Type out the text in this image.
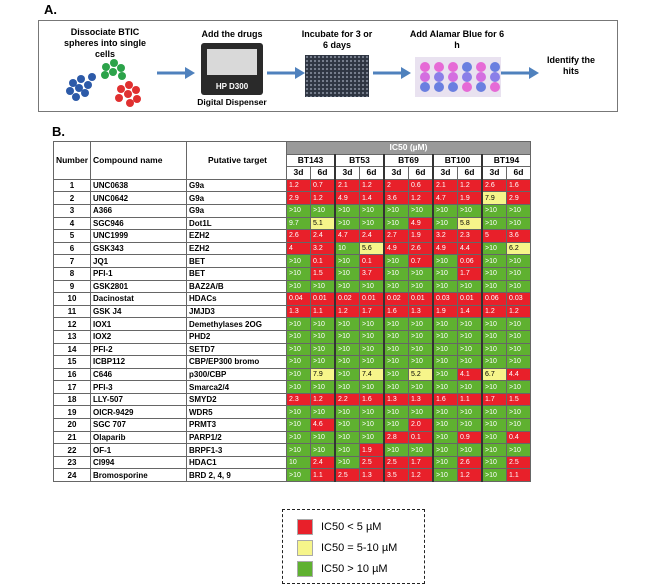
A.
Dissociate BTIC spheres into single cells
Add the drugs
HP D300
Digital Dispenser
Incubate for 3 or 6 days
Add Alamar Blue for 6 h
Identify the hits
B.
Number	Compound name	Putative target	IC50 (µM)									
			BT143		BT53		BT69		BT100		BT194	
			3d	6d	3d	6d	3d	6d	3d	6d	3d	6d
1	UNC0638	G9a	1.2	0.7	2.1	1.2	2	0.6	2.1	1.2	2.6	1.6
2	UNC0642	G9a	2.9	1.2	4.9	1.4	3.6	1.2	4.7	1.9	7.9	2.9
3	A366	G9a	>10	>10	>10	>10	>10	>10	>10	>10	>10	>10
4	SGC946	Dot1L	9.7	5.1	>10	>10	>10	4.9	>10	5.8	>10	>10
5	UNC1999	EZH2	2.6	2.4	4.7	2.4	2.7	1.9	3.2	2.3	5	3.6
6	GSK343	EZH2	4	3.2	10	5.6	4.9	2.6	4.9	4.4	>10	6.2
7	JQ1	BET	>10	0.1	>10	0.1	>10	0.7	>10	0.06	>10	>10
8	PFI-1	BET	>10	1.5	>10	3.7	>10	>10	>10	1.7	>10	>10
9	GSK2801	BAZ2A/B	>10	>10	>10	>10	>10	>10	>10	>10	>10	>10
10	Dacinostat	HDACs	0.04	0.01	0.02	0.01	0.02	0.01	0.03	0.01	0.06	0.03
11	GSK J4	JMJD3	1.3	1.1	1.2	1.7	1.6	1.3	1.9	1.4	1.2	1.2
12	IOX1	Demethylases 2OG	>10	>10	>10	>10	>10	>10	>10	>10	>10	>10
13	IOX2	PHD2	>10	>10	>10	>10	>10	>10	>10	>10	>10	>10
14	PFI-2	SETD7	>10	>10	>10	>10	>10	>10	>10	>10	>10	>10
15	ICBP112	CBP/EP300 bromo	>10	>10	>10	>10	>10	>10	>10	>10	>10	>10
16	C646	p300/CBP	>10	7.9	>10	7.4	>10	5.2	>10	4.1	6.7	4.4
17	PFI-3	Smarca2/4	>10	>10	>10	>10	>10	>10	>10	>10	>10	>10
18	LLY-507	SMYD2	2.3	1.2	2.2	1.6	1.3	1.3	1.6	1.1	1.7	1.5
19	OICR-9429	WDR5	>10	>10	>10	>10	>10	>10	>10	>10	>10	>10
20	SGC 707	PRMT3	>10	4.6	>10	>10	>10	2.0	>10	>10	>10	>10
21	Olaparib	PARP1/2	>10	>10	>10	>10	2.8	0.1	>10	0.9	>10	0.4
22	OF-1	BRPF1-3	>10	>10	>10	1.9	>10	>10	>10	>10	>10	>10
23	CI994	HDAC1	10	2.4	>10	2.5	2.5	1.7	>10	2.6	>10	2.5
24	Bromosporine	BRD 2, 4, 9	>10	1.1	2.5	1.3	3.5	1.2	>10	1.2	>10	1.1
IC50 < 5 µM
IC50 = 5-10 µM
IC50 > 10 µM
